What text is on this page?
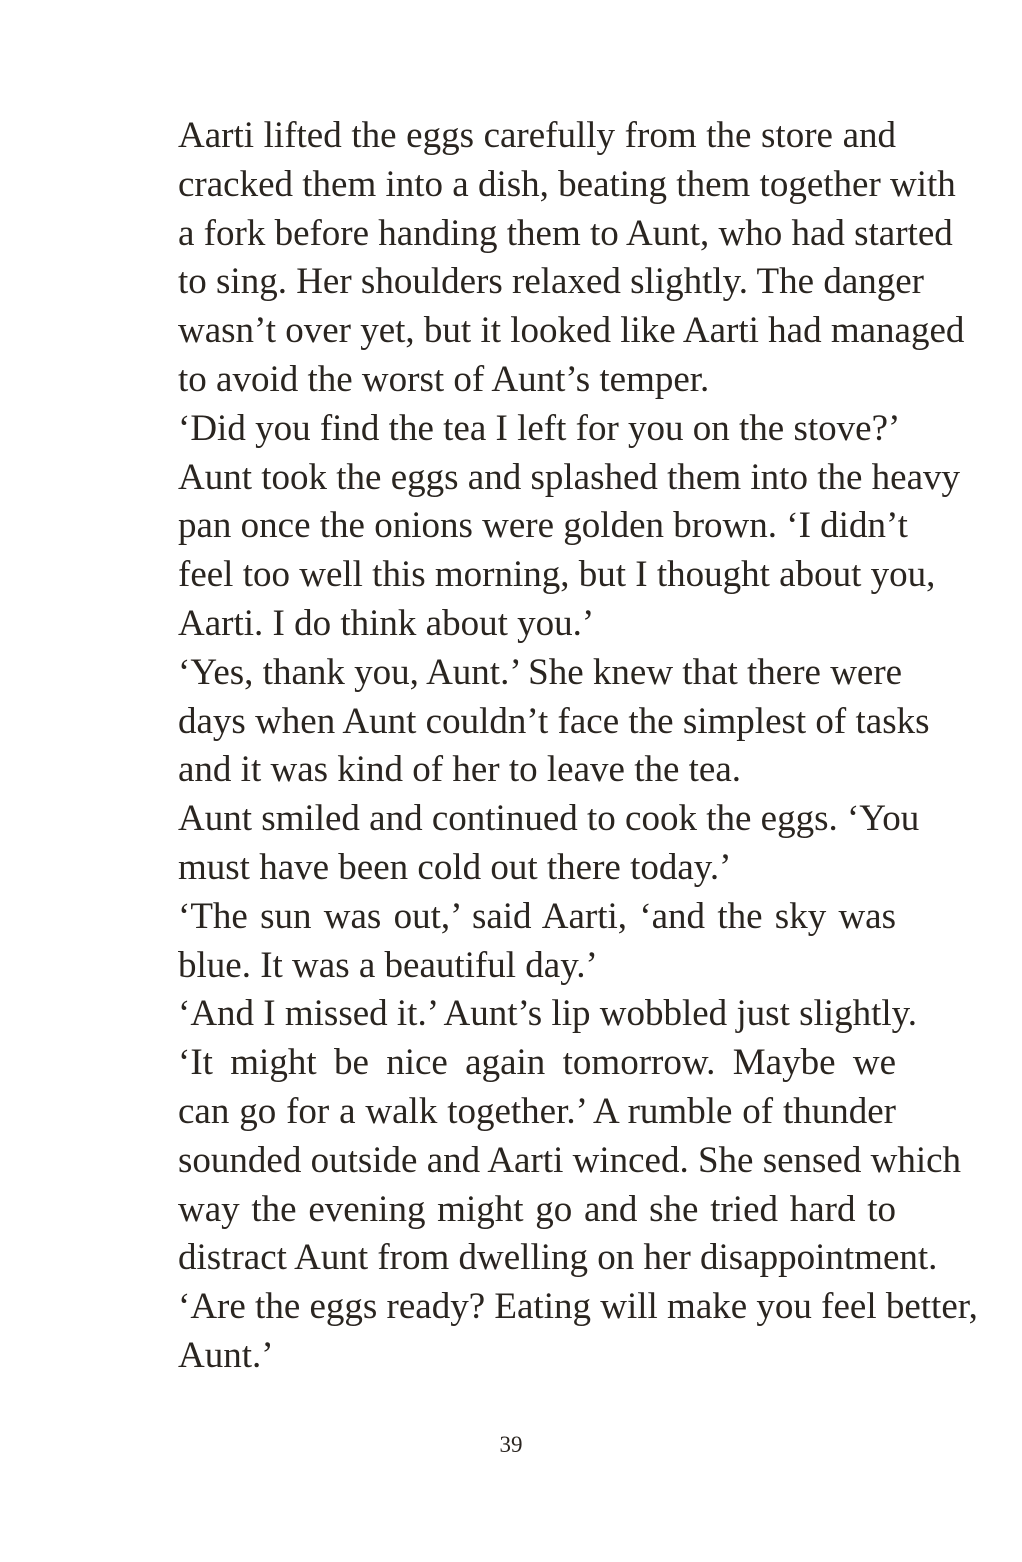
Aarti lifted the eggs carefully from the store and
cracked them into a dish, beating them together with
a fork before handing them to Aunt, who had started
to sing. Her shoulders relaxed slightly. The danger
wasn’t over yet, but it looked like Aarti had managed
to avoid the worst of Aunt’s temper.

‘Did you find the tea I left for you on the stove?’
Aunt took the eggs and splashed them into the heavy
pan once the onions were golden brown. ‘I didn’t
feel too well this morning, but I thought about you,
Aarti. I do think about you.’

‘Yes, thank you, Aunt.’ She knew that there were
days when Aunt couldn’t face the simplest of tasks
and it was kind of her to leave the tea.

Aunt smiled and continued to cook the eggs. ‘You
must have been cold out there today.’

‘The sun was out,’ said Aarti, ‘and the sky was
blue. It was a beautiful day.’

‘And I missed it.’ Aunt’s lip wobbled just slightly.

‘It might be nice again tomorrow. Maybe we
can go for a walk together.’ A rumble of thunder
sounded outside and Aarti winced. She sensed which
way the evening might go and she tried hard to
distract Aunt from dwelling on her disappointment.
‘Are the eggs ready? Eating will make you feel better,
Aunt.’

39
